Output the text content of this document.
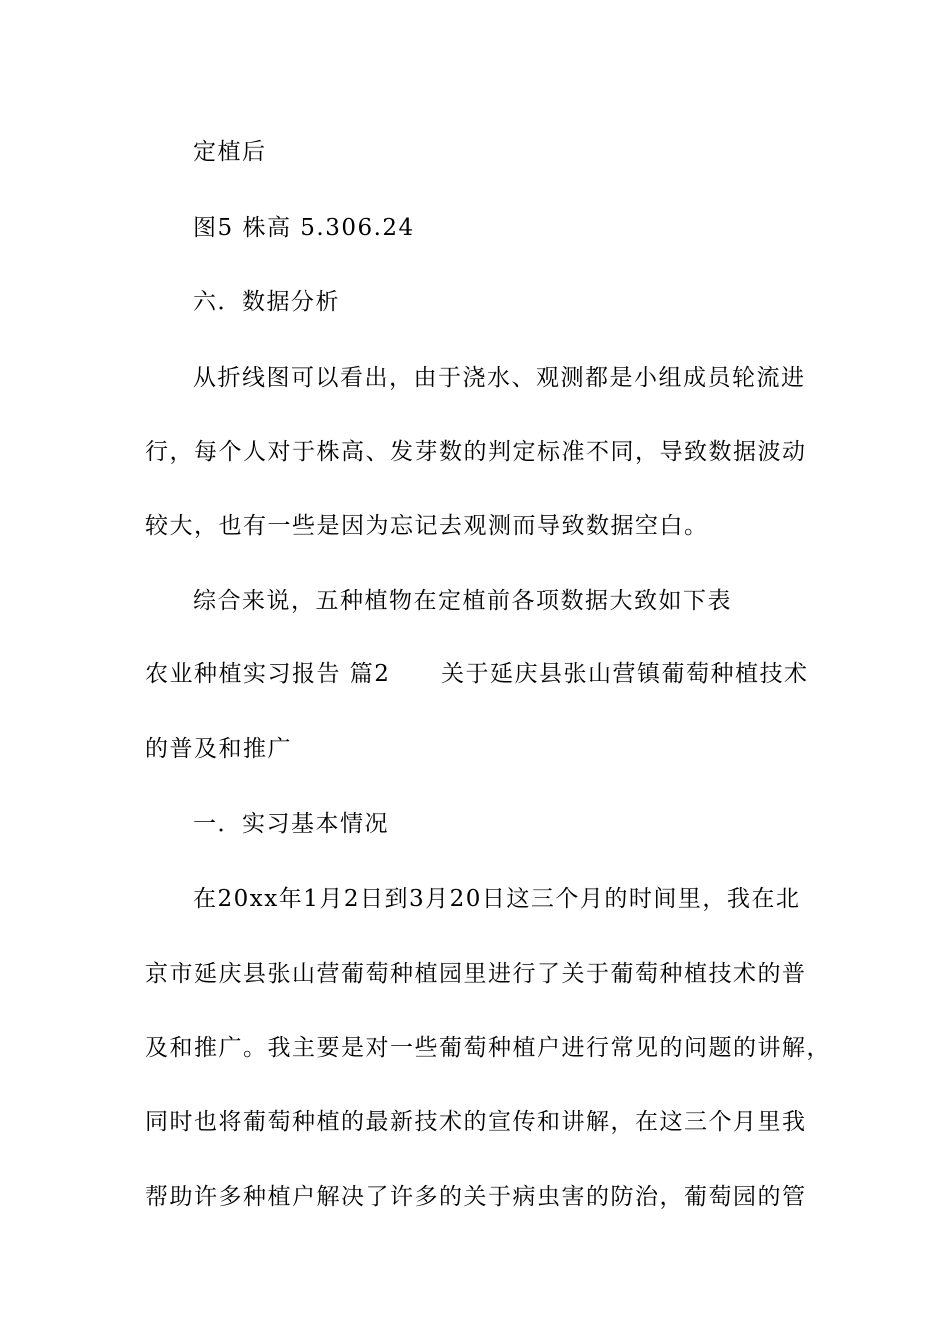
定植后
图5 株高 5.306.24
六．数据分析
从折线图可以看出，由于浇水、观测都是小组成员轮流进
行，每个人对于株高、发芽数的判定标准不同，导致数据波动
较大，也有一些是因为忘记去观测而导致数据空白。
综合来说，五种植物在定植前各项数据大致如下表
农业种植实习报告 篇2 关于延庆县张山营镇葡萄种植技术
的普及和推广
一．实习基本情况
在20xx年1月2日到3月20日这三个月的时间里，我在北
京市延庆县张山营葡萄种植园里进行了关于葡萄种植技术的普
及和推广。我主要是对一些葡萄种植户进行常见的问题的讲解，
同时也将葡萄种植的最新技术的宣传和讲解，在这三个月里我
帮助许多种植户解决了许多的关于病虫害的防治，葡萄园的管
